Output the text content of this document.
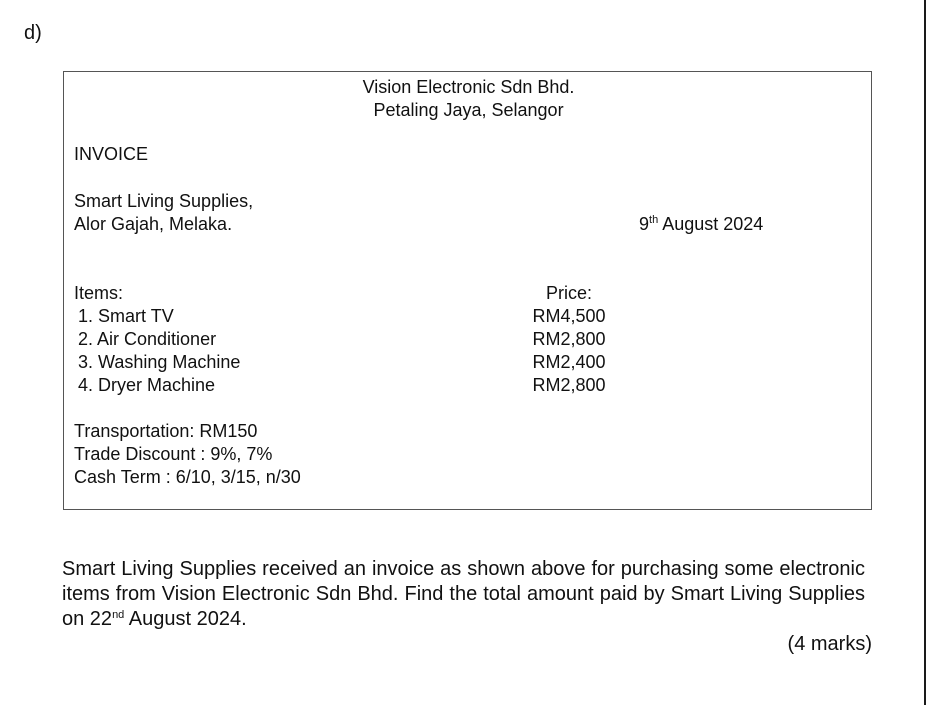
d)
Vision Electronic Sdn Bhd.
Petaling Jaya, Selangor
INVOICE
Smart Living Supplies,
Alor Gajah, Melaka.	9th August 2024
Items:	Price:
1. Smart TV	RM4,500
2. Air Conditioner	RM2,800
3. Washing Machine	RM2,400
4. Dryer Machine	RM2,800
Transportation: RM150
Trade Discount : 9%, 7%
Cash Term : 6/10, 3/15, n/30
Smart Living Supplies received an invoice as shown above for purchasing some electronic items from Vision Electronic Sdn Bhd. Find the total amount paid by Smart Living Supplies on 22nd August 2024.
(4 marks)
